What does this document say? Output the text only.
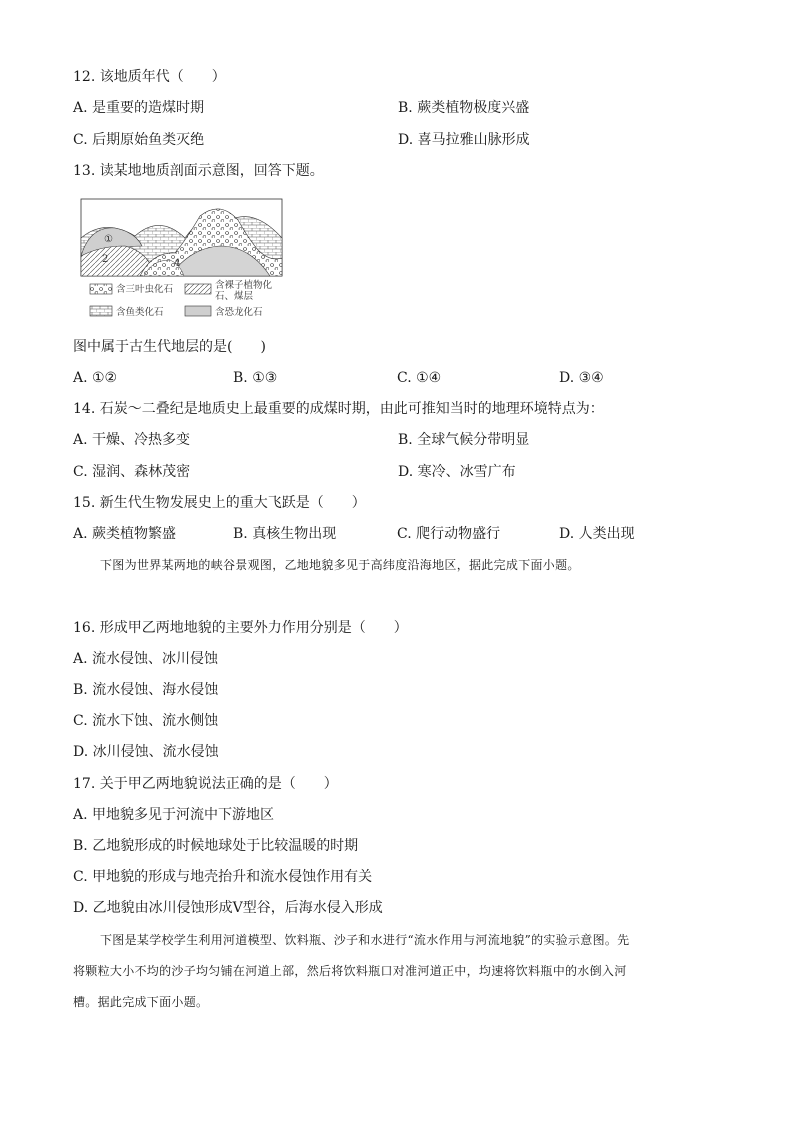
12. 该地质年代（　　）
A. 是重要的造煤时期	B. 蕨类植物极度兴盛
C. 后期原始鱼类灭绝	D. 喜马拉雅山脉形成
13. 读某地地质剖面示意图，回答下题。
①
2	4
含三叶虫化石	含裸子植物化
石、煤层
含鱼类化石	含恐龙化石
图中属于古生代地层的是(　　)
A. ①②	B. ①③	C. ①④	D. ③④
14. 石炭～二叠纪是地质史上最重要的成煤时期，由此可推知当时的地理环境特点为：
A. 干燥、冷热多变	B. 全球气候分带明显
C. 湿润、森林茂密	D. 寒冷、冰雪广布
15. 新生代生物发展史上的重大飞跃是（　　）
A. 蕨类植物繁盛	B. 真核生物出现	C. 爬行动物盛行	D. 人类出现
下图为世界某两地的峡谷景观图，乙地地貌多见于高纬度沿海地区，据此完成下面小题。
16. 形成甲乙两地地貌的主要外力作用分别是（　　）
A. 流水侵蚀、冰川侵蚀
B. 流水侵蚀、海水侵蚀
C. 流水下蚀、流水侧蚀
D. 冰川侵蚀、流水侵蚀
17. 关于甲乙两地貌说法正确的是（　　）
A. 甲地貌多见于河流中下游地区
B. 乙地貌形成的时候地球处于比较温暖的时期
C. 甲地貌的形成与地壳抬升和流水侵蚀作用有关
D. 乙地貌由冰川侵蚀形成V型谷，后海水侵入形成
下图是某学校学生利用河道模型、饮料瓶、沙子和水进行“流水作用与河流地貌”的实验示意图。先
将颗粒大小不均的沙子均匀铺在河道上部，然后将饮料瓶口对准河道正中，均速将饮料瓶中的水倒入河
槽。据此完成下面小题。
